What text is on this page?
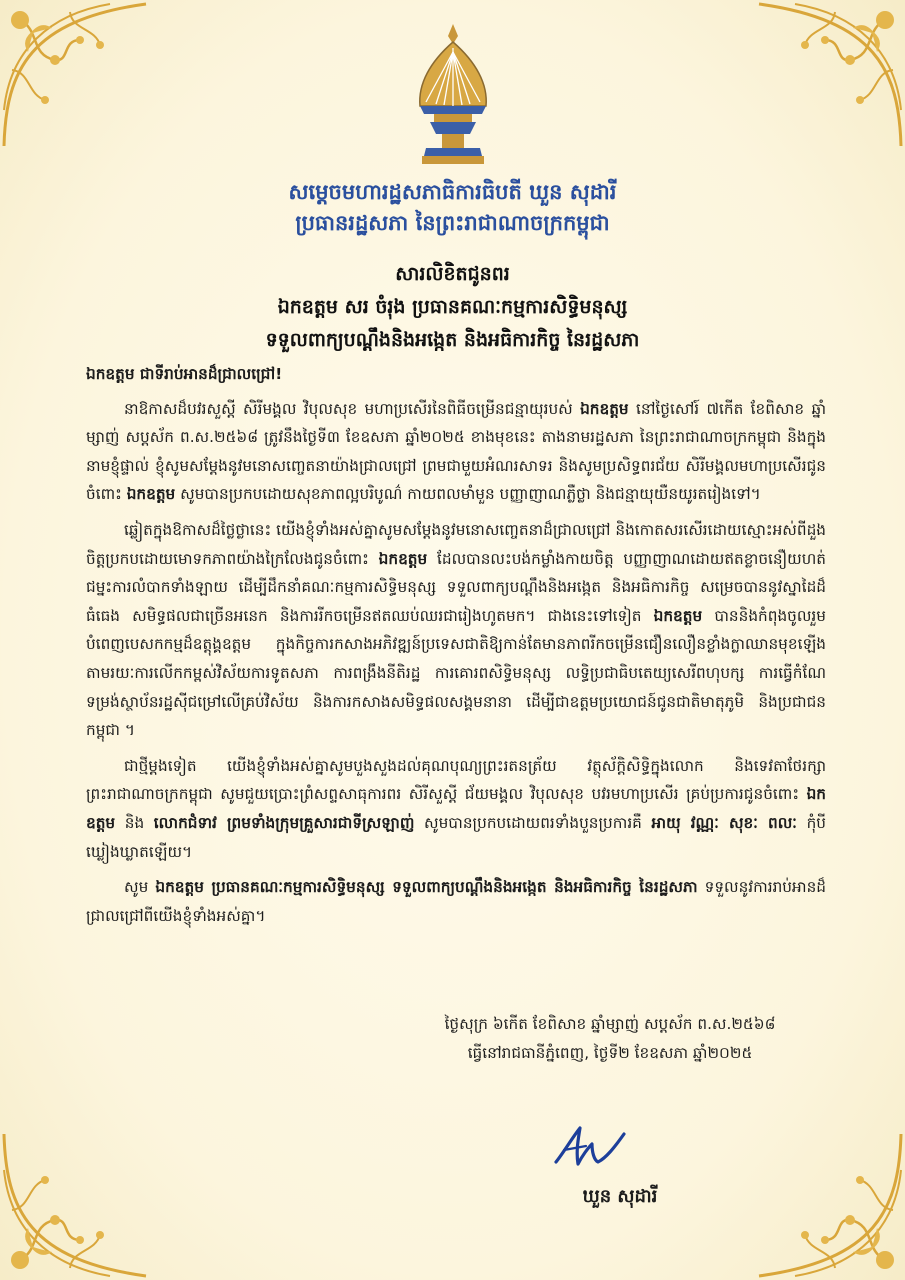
សម្ដេចមហារដ្ឋសភាធិការធិបតី ឃួន សុដារី
ប្រធានរដ្ឋសភា នៃព្រះរាជាណាចក្រកម្ពុជា
សារលិខិតជូនពរ
ឯកឧត្តម សរ ចំរុង ប្រធានគណៈកម្មការសិទ្ធិមនុស្ស
ទទួលពាក្យបណ្ដឹងនិងអង្កេត និងអធិការកិច្ច នៃរដ្ឋសភា

ឯកឧត្តម ជាទីរាប់អានដ៏ជ្រាលជ្រៅ!

នាឱកាសដ៏បវរសួស្តី សិរីមង្គល វិបុលសុខ មហាប្រសើរនៃពិធីចម្រើនជន្មាយុរបស់ ឯកឧត្តម នៅថ្ងៃសៅរ៍ ៧កើត ខែពិសាខ ឆ្នាំម្សាញ់ សប្តស័ក ព.ស.២៥៦៨ ត្រូវនឹងថ្ងៃទី៣ ខែឧសភា ឆ្នាំ២០២៥ ខាងមុខនេះ តាងនាមរដ្ឋសភា នៃព្រះរាជាណាចក្រកម្ពុជា និងក្នុងនាមខ្ញុំផ្ទាល់ ខ្ញុំសូមសម្តែងនូវមនោសញ្ចេតនាយ៉ាងជ្រាលជ្រៅ ព្រមជាមួយអំណរសាទរ និងសូមប្រសិទ្ធពរជ័យ សិរីមង្គលមហាប្រសើរជូនចំពោះ ឯកឧត្តម សូមបានប្រកបដោយសុខភាពល្អបរិបូណ៌ កាយពលមាំមួន បញ្ញាញាណភ្លឺថ្លា និងជន្មាយុយឺនយូរតរៀងទៅ។

ឆ្លៀតក្នុងឱកាសដ៏ថ្លៃថ្លានេះ យើងខ្ញុំទាំងអស់គ្នាសូមសម្តែងនូវមនោសញ្ចេតនាដ៏ជ្រាលជ្រៅ និងកោតសរសើរដោយស្មោះអស់ពីដួងចិត្តប្រកបដោយមោទកភាពយ៉ាងក្រៃលែងជូនចំពោះ ឯកឧត្តម ដែលបានលះបង់កម្លាំងកាយចិត្ត បញ្ញាញាណដោយឥតខ្លាចនឿយហត់ ជម្នះការលំបាកទាំងឡាយ ដើម្បីដឹកនាំគណៈកម្មការសិទ្ធិមនុស្ស ទទួលពាក្យបណ្តឹងនិងអង្កេត និងអធិការកិច្ច សម្រេចបាននូវស្នាដៃដ៏ធំធេង សមិទ្ធផលជាច្រើនអនេក និងការរីកចម្រើនឥតឈប់ឈរជារៀងហូតមក។ ជាងនេះទៅទៀត ឯកឧត្តម បាននិងកំពុងចូលរួមបំពេញបេសកកម្មដ៏ឧត្តុង្គឧត្តម ក្នុងកិច្ចការកសាងអភិវឌ្ឍន៍ប្រទេសជាតិឱ្យកាន់តែមានភាពរីកចម្រើនជឿនលឿនខ្លាំងក្លាឈានមុខឡើង តាមរយៈការលើកកម្ពស់វិស័យការទូតសភា ការពង្រឹងនីតិរដ្ឋ ការគោរពសិទ្ធិមនុស្ស លទ្ធិប្រជាធិបតេយ្យសេរីពហុបក្ស ការធ្វើកំណែទម្រង់ស្ថាប័នរដ្ឋស៊ីជម្រៅលើគ្រប់វិស័យ និងការកសាងសមិទ្ធផលសង្គមនានា ដើម្បីជាឧត្តមប្រយោជន៍ជូនជាតិមាតុភូមិ និងប្រជាជនកម្ពុជា ។

ជាថ្មីម្តងទៀត យើងខ្ញុំទាំងអស់គ្នាសូមបួងសួងដល់គុណបុណ្យព្រះរតនត្រ័យ វត្ថុស័ក្តិសិទ្ធិក្នុងលោក និងទេវតាថែរក្សាព្រះរាជាណាចក្រកម្ពុជា សូមជួយប្រោះព្រំសព្ទសាធុការពរ សិរីសួស្តី ជ័យមង្គល វិបុលសុខ បវរមហាប្រសើរ គ្រប់ប្រការជូនចំពោះ ឯកឧត្តម និង លោកជំទាវ ព្រមទាំងក្រុមគ្រួសារជាទីស្រឡាញ់ សូមបានប្រកបដោយពរទាំងបួនប្រការគឺ អាយុ វណ្ណៈ សុខៈ ពលៈ កុំបីឃ្លៀងឃ្លាតឡើយ។

សូម ឯកឧត្តម ប្រធានគណៈកម្មការសិទ្ធិមនុស្ស ទទួលពាក្យបណ្ដឹងនិងអង្កេត និងអធិការកិច្ច នៃរដ្ឋសភា ទទួលនូវការរាប់អានដ៏ជ្រាលជ្រៅពីយើងខ្ញុំទាំងអស់គ្នា។

ថ្ងៃសុក្រ ៦កើត ខែពិសាខ ឆ្នាំម្សាញ់ សប្តស័ក ព.ស.២៥៦៨
ធ្វើនៅរាជធានីភ្នំពេញ, ថ្ងៃទី២ ខែឧសភា ឆ្នាំ២០២៥
ឃួន សុដារី
